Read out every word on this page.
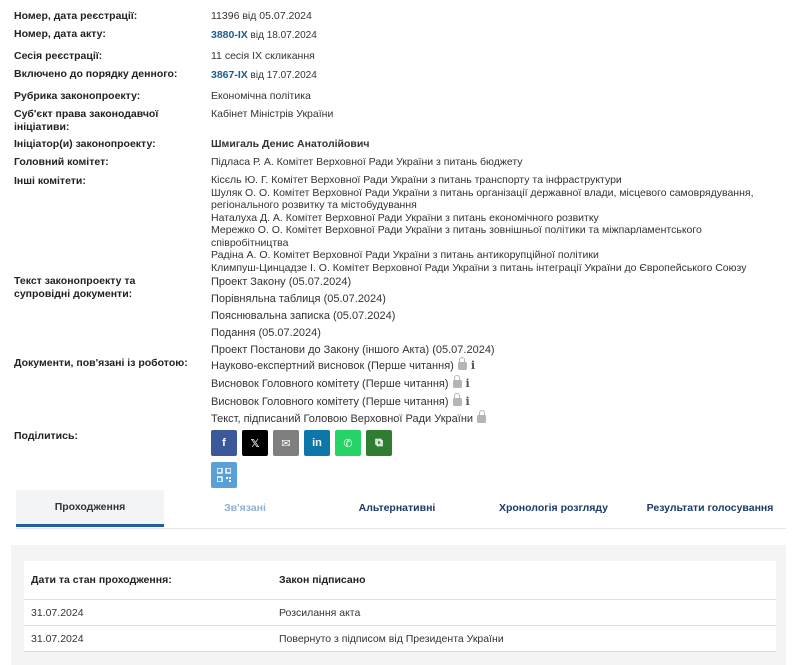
Номер, дата реєстрації:	11396 від 05.07.2024
Номер, дата акту:	3880-IX від 18.07.2024
Сесія реєстрації:	11 сесія IX скликання
Включено до порядку денного:	3867-IX від 17.07.2024
Рубрика законопроекту:	Економічна політика
Суб'єкт права законодавчої ініціативи:
Кабінет Міністрів України
Ініціатор(и) законопроекту:	Шмигаль Денис Анатолійович
Головний комітет:	Підласа Р. А. Комітет Верховної Ради України з питань бюджету
Інші комітети:	Кісєль Ю. Г. Комітет Верховної Ради України з питань транспорту та інфраструктури
Шуляк О. О. Комітет Верховної Ради України з питань організації державної влади, місцевого самоврядування,
регіонального розвитку та містобудування
Наталуха Д. А. Комітет Верховної Ради України з питань економічного розвитку
Мережко О. О. Комітет Верховної Ради України з питань зовнішньої політики та міжпарламентського
співробітництва
Радіна А. О. Комітет Верховної Ради України з питань антикорупційної політики
Климпуш-Цинцадзе І. О. Комітет Верховної Ради України з питань інтеграції України до Європейського Союзу
Текст законопроекту та супровідні документи:
Проект Закону (05.07.2024)
Порівняльна таблиця (05.07.2024)
Пояснювальна записка (05.07.2024)
Подання (05.07.2024)
Проект Постанови до Закону (іншого Акта) (05.07.2024)
Документи, пов'язані із роботою:	Науково-експертний висновок (Перше читання) i
Висновок Головного комітету (Перше читання) i
Висновок Головного комітету (Перше читання) i
Текст, підписаний Головою Верховної Ради України
Поділитись:
f 𝕏 ✉ in ✆ ⧉
Проходження	Зв'язані	Альтернативні	Хронологія розгляду	Результати голосування
Дати та стан проходження:	Закон підписано
31.07.2024	Розсилання акта
31.07.2024	Повернуто з підписом від Президента України
